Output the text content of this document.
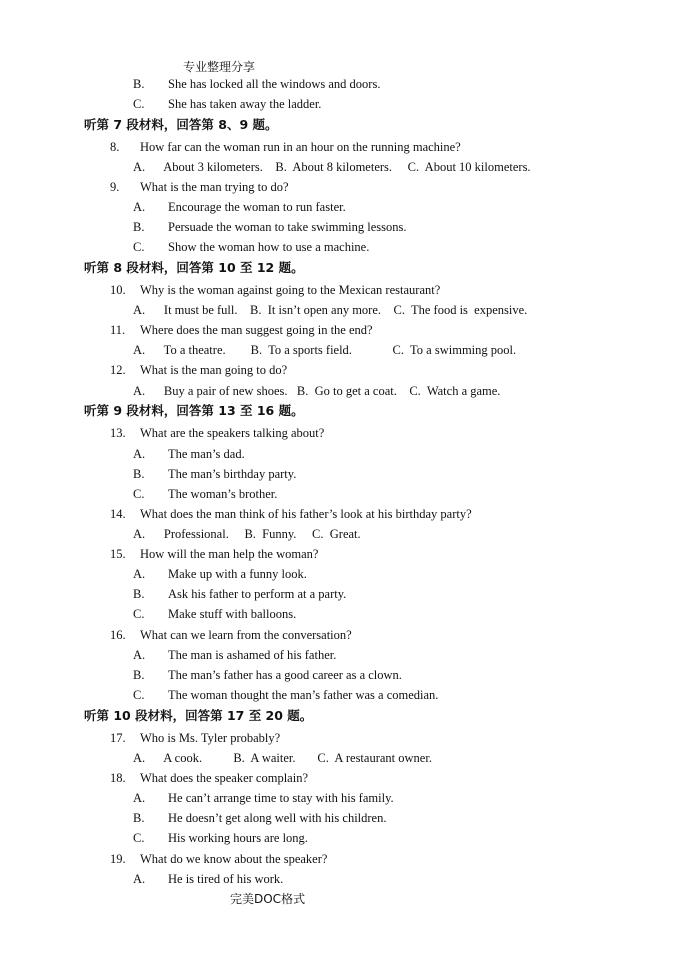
专业整理分享
B. She has locked all the windows and doors.
C. She has taken away the ladder.
听第 7 段材料，回答第 8、9 题。
8.	How far can the woman run in an hour on the running machine?
A.      About 3 kilometers.    B.  About 8 kilometers.     C.  About 10 kilometers.
9.	What is the man trying to do?
A. Encourage the woman to run faster.
B. Persuade the woman to take swimming lessons.
C. Show the woman how to use a machine.
听第 8 段材料，回答第 10 至 12 题。
10.	Why is the woman against going to the Mexican restaurant?
A.      It must be full.    B.  It isn’t open any more.    C.  The food is  expensive.
11.	Where does the man suggest going in the end?
A.      To a theatre.        B.  To a sports field.             C.  To a swimming pool.
12.	What is the man going to do?
A.      Buy a pair of new shoes.   B.  Go to get a coat.    C.  Watch a game.
听第 9 段材料，回答第 13 至 16 题。
13.	What are the speakers talking about?
A. The man’s dad.
B. The man’s birthday party.
C. The woman’s brother.
14.	What does the man think of his father’s look at his birthday party?
A.      Professional.     B.  Funny.     C.  Great.
15.	How will the man help the woman?
A. Make up with a funny look.
B. Ask his father to perform at a party.
C. Make stuff with balloons.
16.	What can we learn from the conversation?
A. The man is ashamed of his father.
B. The man’s father has a good career as a clown.
C. The woman thought the man’s father was a comedian.
听第 10 段材料，回答第 17 至 20 题。
17.	Who is Ms. Tyler probably?
A.      A cook.          B.  A waiter.       C.  A restaurant owner.
18.	What does the speaker complain?
A. He can’t arrange time to stay with his family.
B. He doesn’t get along well with his children.
C. His working hours are long.
19.	What do we know about the speaker?
A. He is tired of his work.
完美DOC格式
